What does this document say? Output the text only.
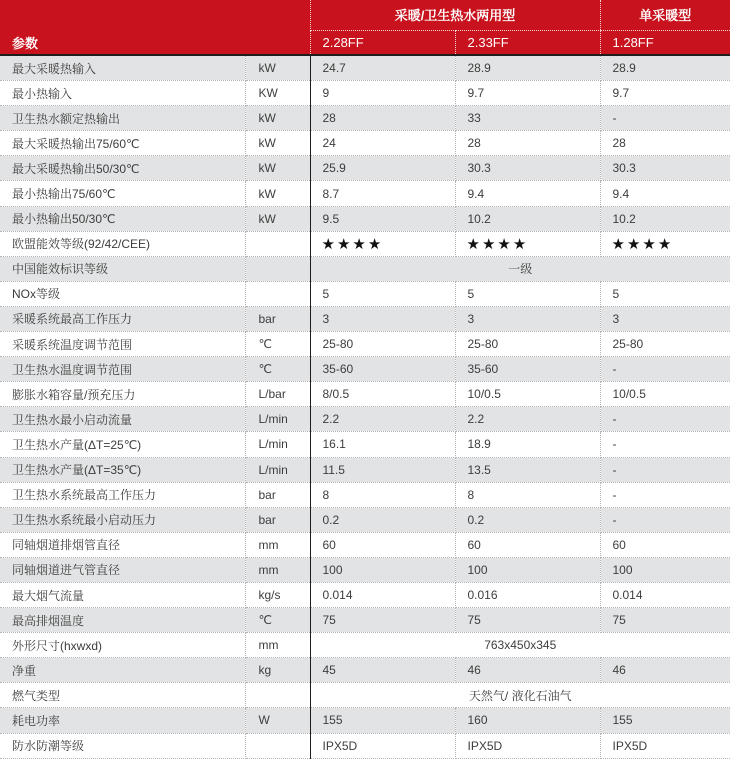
		采暖/卫生热水两用型		单采暖型
参数		2.28FF	2.33FF	1.28FF
最大采暖热输入	kW	24.7	28.9	28.9
最小热输入	KW	9	9.7	9.7
卫生热水额定热输出	kW	28	33	-
最大采暖热输出75/60℃	kW	24	28	28
最大采暖热输出50/30℃	kW	25.9	30.3	30.3
最小热输出75/60℃	kW	8.7	9.4	9.4
最小热输出50/30℃	kW	9.5	10.2	10.2
欧盟能效等级(92/42/CEE)		★★★★	★★★★	★★★★
中国能效标识等级		一级		
NOx等级		5	5	5
采暖系统最高工作压力	bar	3	3	3
采暖系统温度调节范围	℃	25-80	25-80	25-80
卫生热水温度调节范围	℃	35-60	35-60	-
膨胀水箱容量/预充压力	L/bar	8/0.5	10/0.5	10/0.5
卫生热水最小启动流量	L/min	2.2	2.2	-
卫生热水产量(ΔT=25℃)	L/min	16.1	18.9	-
卫生热水产量(ΔT=35℃)	L/min	11.5	13.5	-
卫生热水系统最高工作压力	bar	8	8	-
卫生热水系统最小启动压力	bar	0.2	0.2	-
同轴烟道排烟管直径	mm	60	60	60
同轴烟道进气管直径	mm	100	100	100
最大烟气流量	kg/s	0.014	0.016	0.014
最高排烟温度	℃	75	75	75
外形尺寸(hxwxd)	mm	763x450x345		
净重	kg	45	46	46
燃气类型		天然气/ 液化石油气		
耗电功率	W	155	160	155
防水防潮等级		IPX5D	IPX5D	IPX5D
